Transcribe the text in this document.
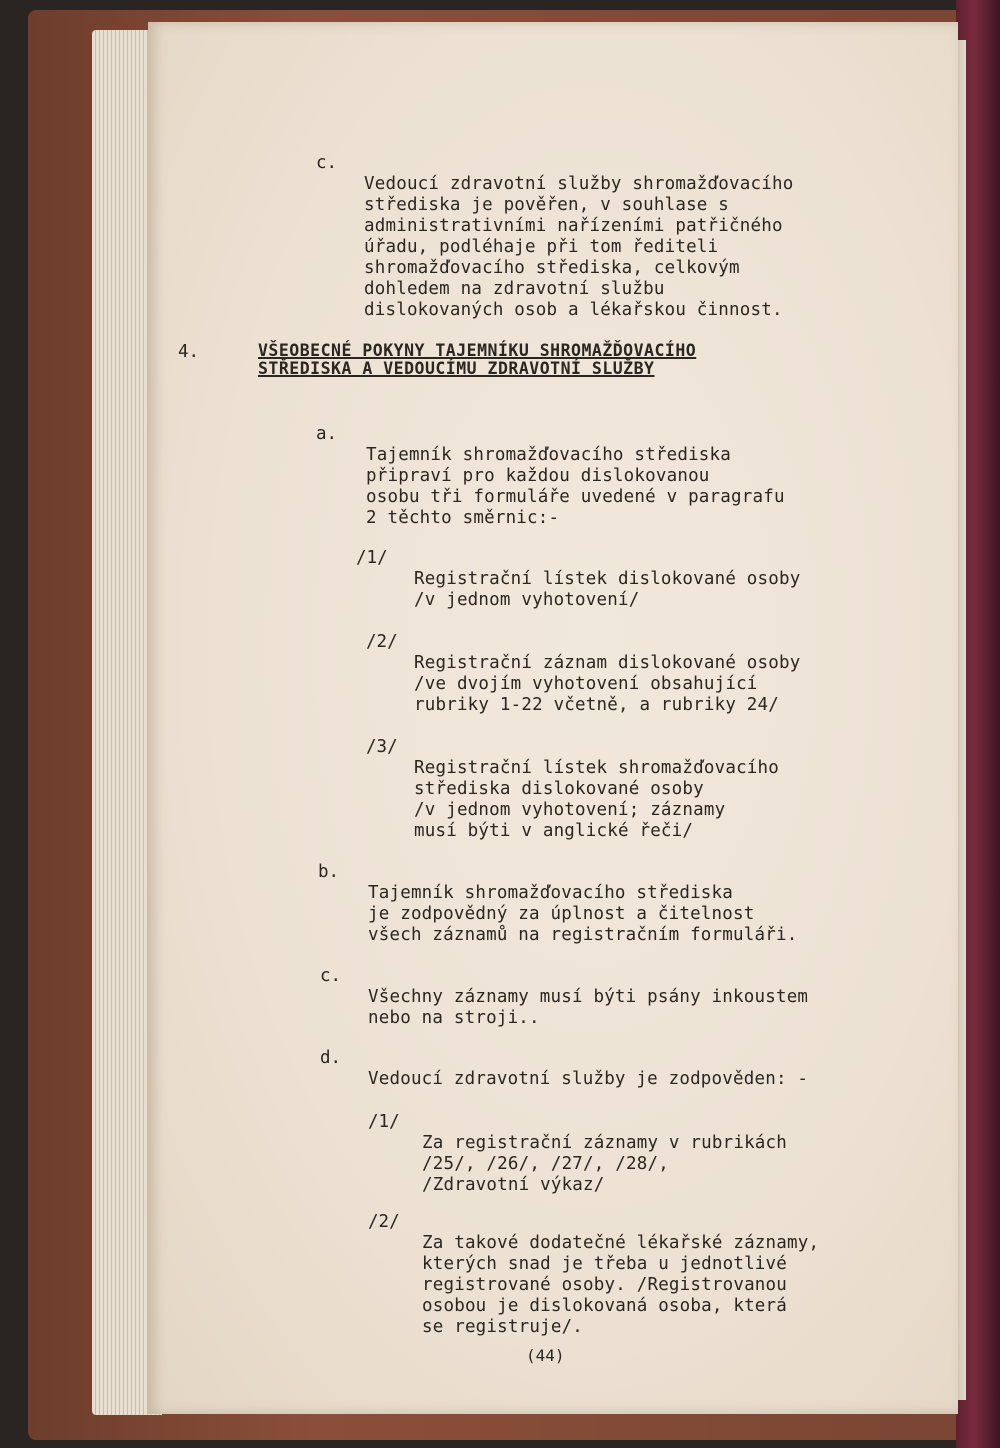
c.

Vedoucí zdravotní služby shromažďovacího
střediska je pověřen, v souhlase s
administrativními nařízeními patřičného
úřadu, podléhaje při tom řediteli
shromažďovacího střediska, celkovým
dohledem na zdravotní službu
dislokovaných osob a lékařskou činnost.

4.	VŠEOBECNÉ POKYNY TAJEMNÍKU SHROMAŽĎOVACÍHO
STŘEDISKA A VEDOUCÍMU ZDRAVOTNÍ SLUŽBY
a.

Tajemník shromažďovacího střediska
připraví pro každou dislokovanou
osobu tři formuláře uvedené v paragrafu
2 těchto směrnic:-

/1/

Registrační lístek dislokované osoby
/v jednom vyhotovení/

/2/

Registrační záznam dislokované osoby
/ve dvojím vyhotovení obsahující
rubriky 1-22 včetně, a rubriky 24/

/3/

Registrační lístek shromažďovacího
střediska dislokované osoby
/v jednom vyhotovení; záznamy
musí býti v anglické řeči/

b.

Tajemník shromažďovacího střediska
je zodpovědný za úplnost a čitelnost
všech záznamů na registračním formuláři.

c.

Všechny záznamy musí býti psány inkoustem
nebo na stroji..

d.

Vedoucí zdravotní služby je zodpověden: -

/1/

Za registrační záznamy v rubrikách
/25/, /26/, /27/, /28/,
/Zdravotní výkaz/

/2/

Za takové dodatečné lékařské záznamy,
kterých snad je třeba u jednotlivé
registrované osoby. /Registrovanou
osobou je dislokovaná osoba, která
se registruje/.

(44)
